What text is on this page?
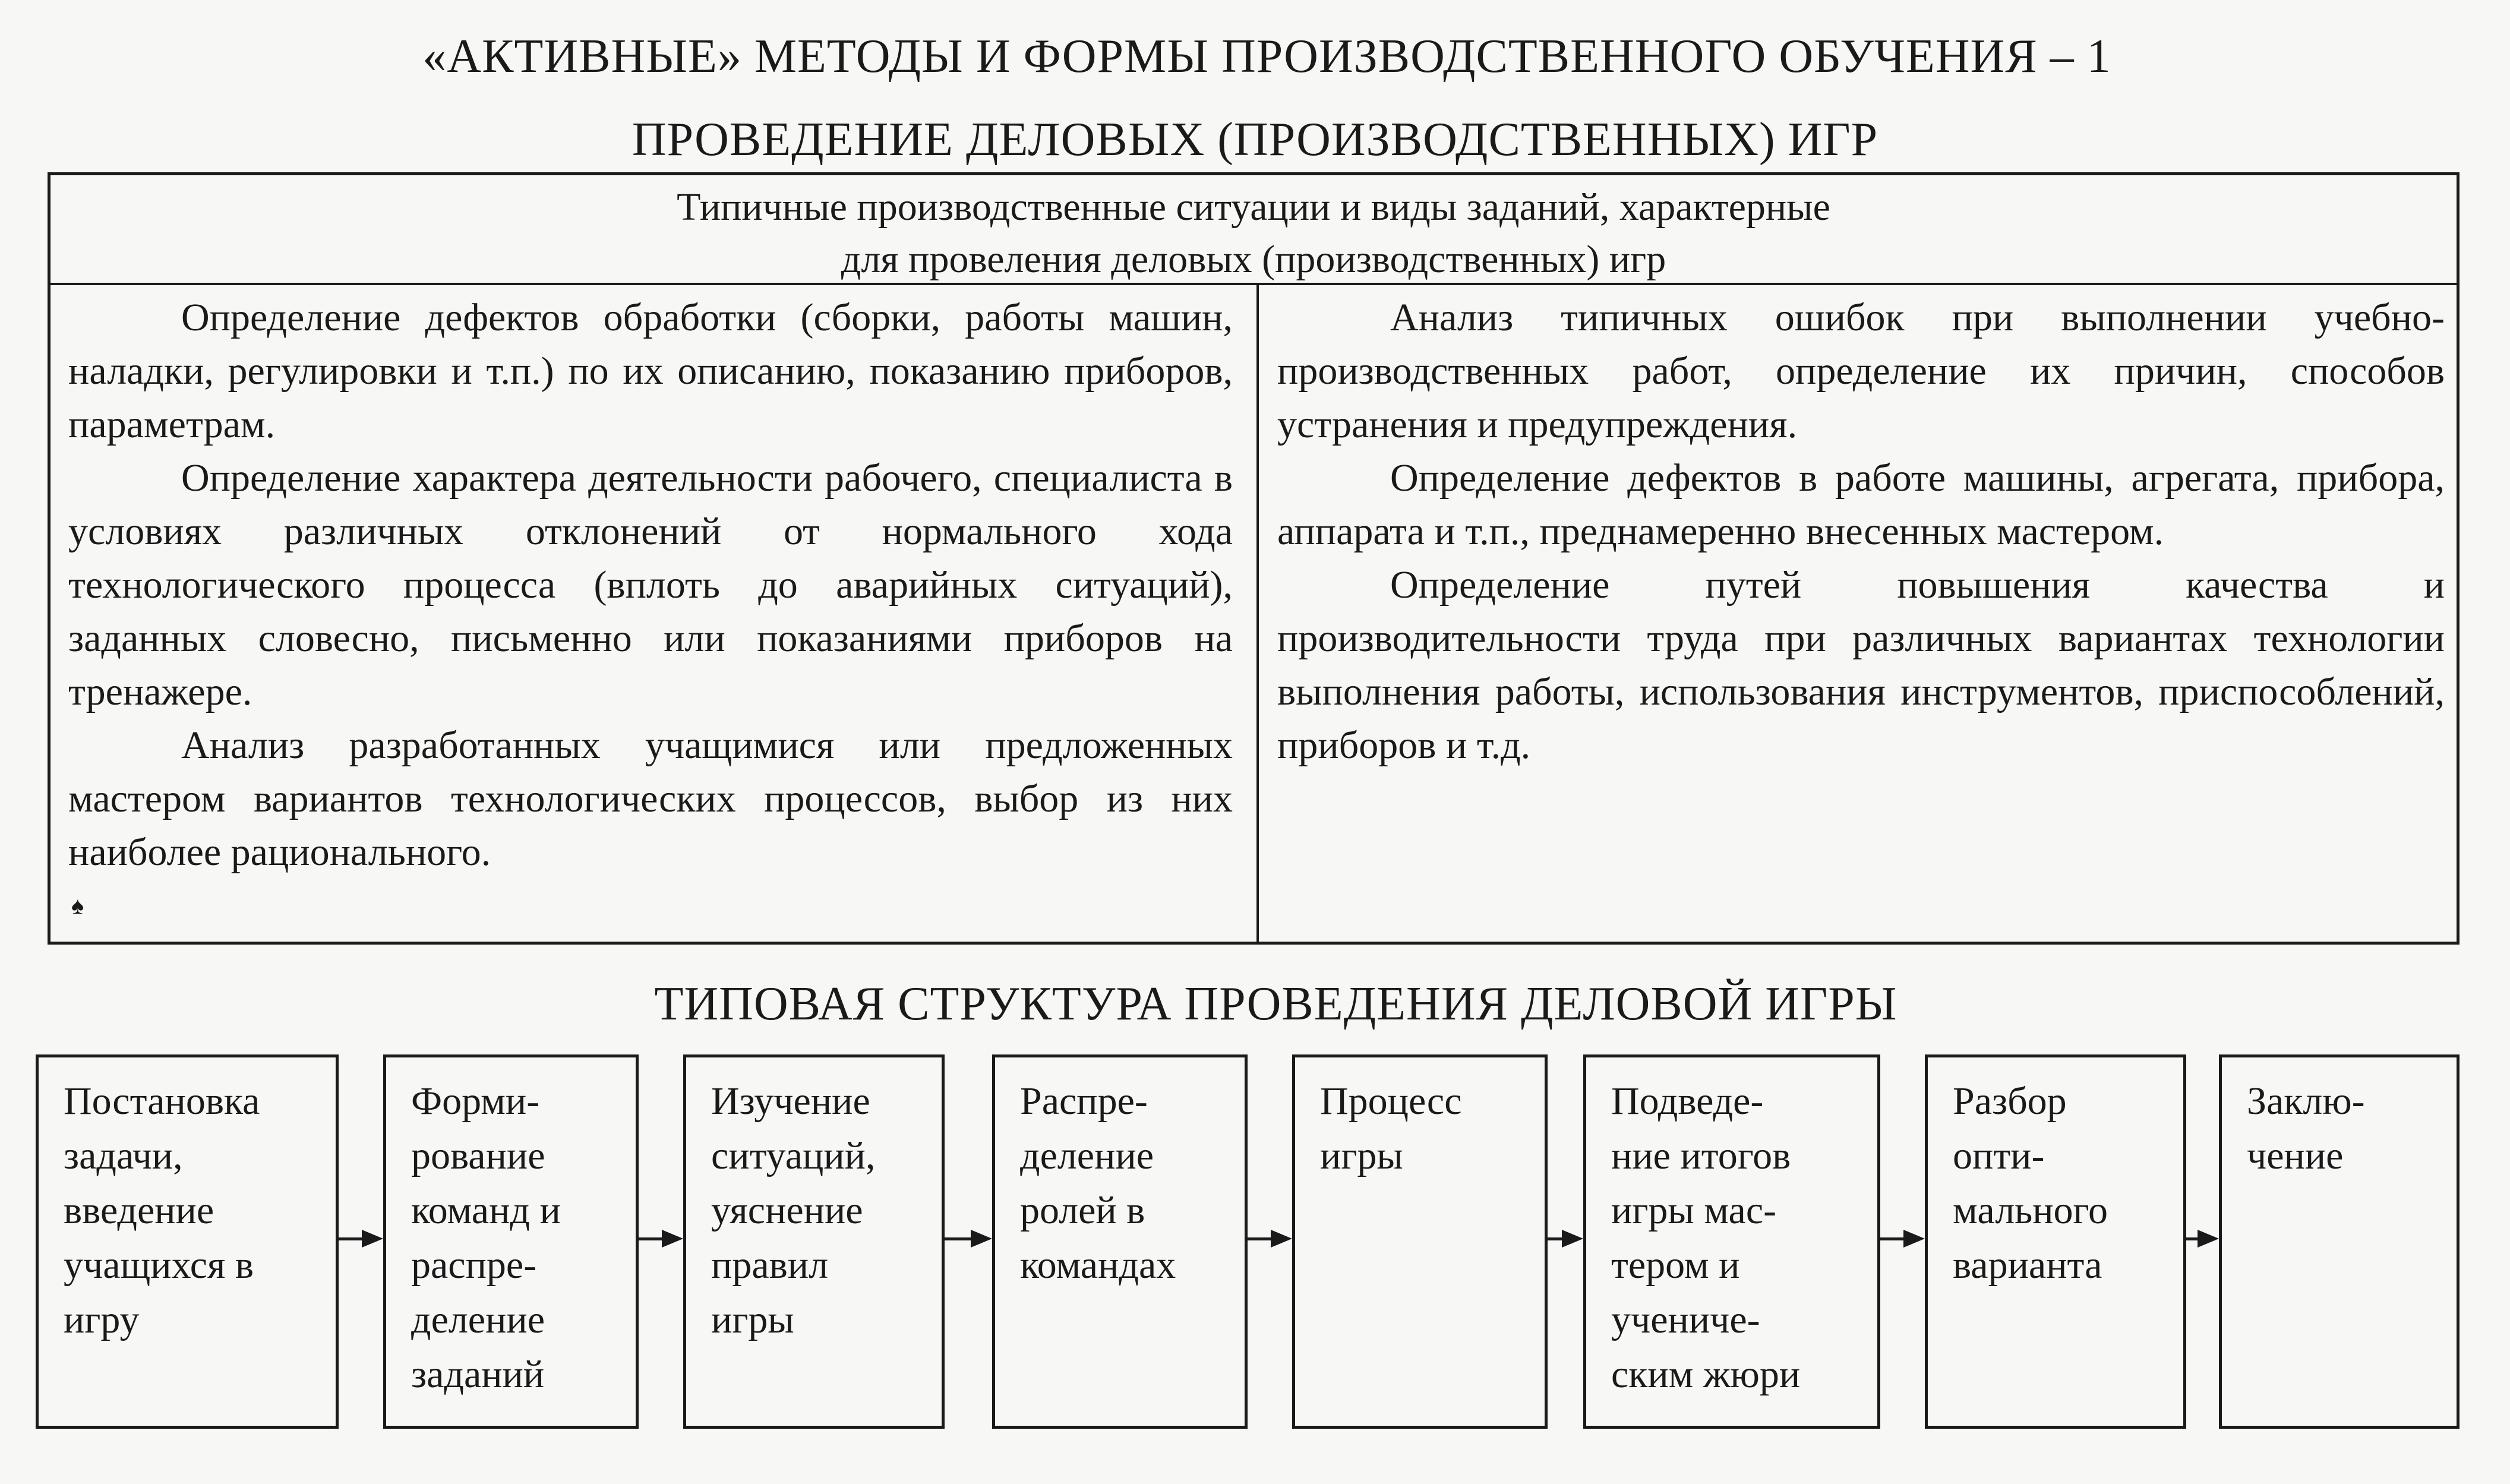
«АКТИВНЫЕ» МЕТОДЫ И ФОРМЫ ПРОИЗВОДСТВЕННОГО ОБУЧЕНИЯ – 1
ПРОВЕДЕНИЕ ДЕЛОВЫХ (ПРОИЗВОДСТВЕННЫХ) ИГР
Типичные производственные ситуации и виды заданий, характерные
для провеления деловых (производственных) игр

Определение дефектов обработки (сборки, работы машин, наладки, регулировки и т.п.) по их описанию, показанию приборов, параметрам.

Определение характера деятельности рабочего, специалиста в условиях различных отклонений от нормального хода технологического процесса (вплоть до аварийных ситуаций), заданных словесно, письменно или показаниями приборов на тренажере.

Анализ разработанных учащимися или предложенных мастером вариантов технологических процессов, выбор из них наиболее рационального.

Анализ типичных ошибок при выполнении учебно-производственных работ, определение их причин, способов устранения и предупреждения.

Определение дефектов в работе машины, агрегата, прибора, аппарата и т.п., преднамеренно внесенных мастером.

Определение путей повышения качества и производительности труда при различных вариантах технологии выполнения работы, использования инструментов, приспособлений, приборов и т.д.

♠
ТИПОВАЯ СТРУКТУРА ПРОВЕДЕНИЯ ДЕЛОВОЙ ИГРЫ
Постановка
задачи,
введение
учащихся в
игру
Форми-
рование
команд и
распре-
деление
заданий
Изучение
ситуаций,
уяснение
правил
игры
Распре-
деление
ролей в
командах
Процесс
игры
Подведе-
ние итогов
игры мас-
тером и
учениче-
ским жюри
Разбор
опти-
мального
варианта
Заклю-
чение
